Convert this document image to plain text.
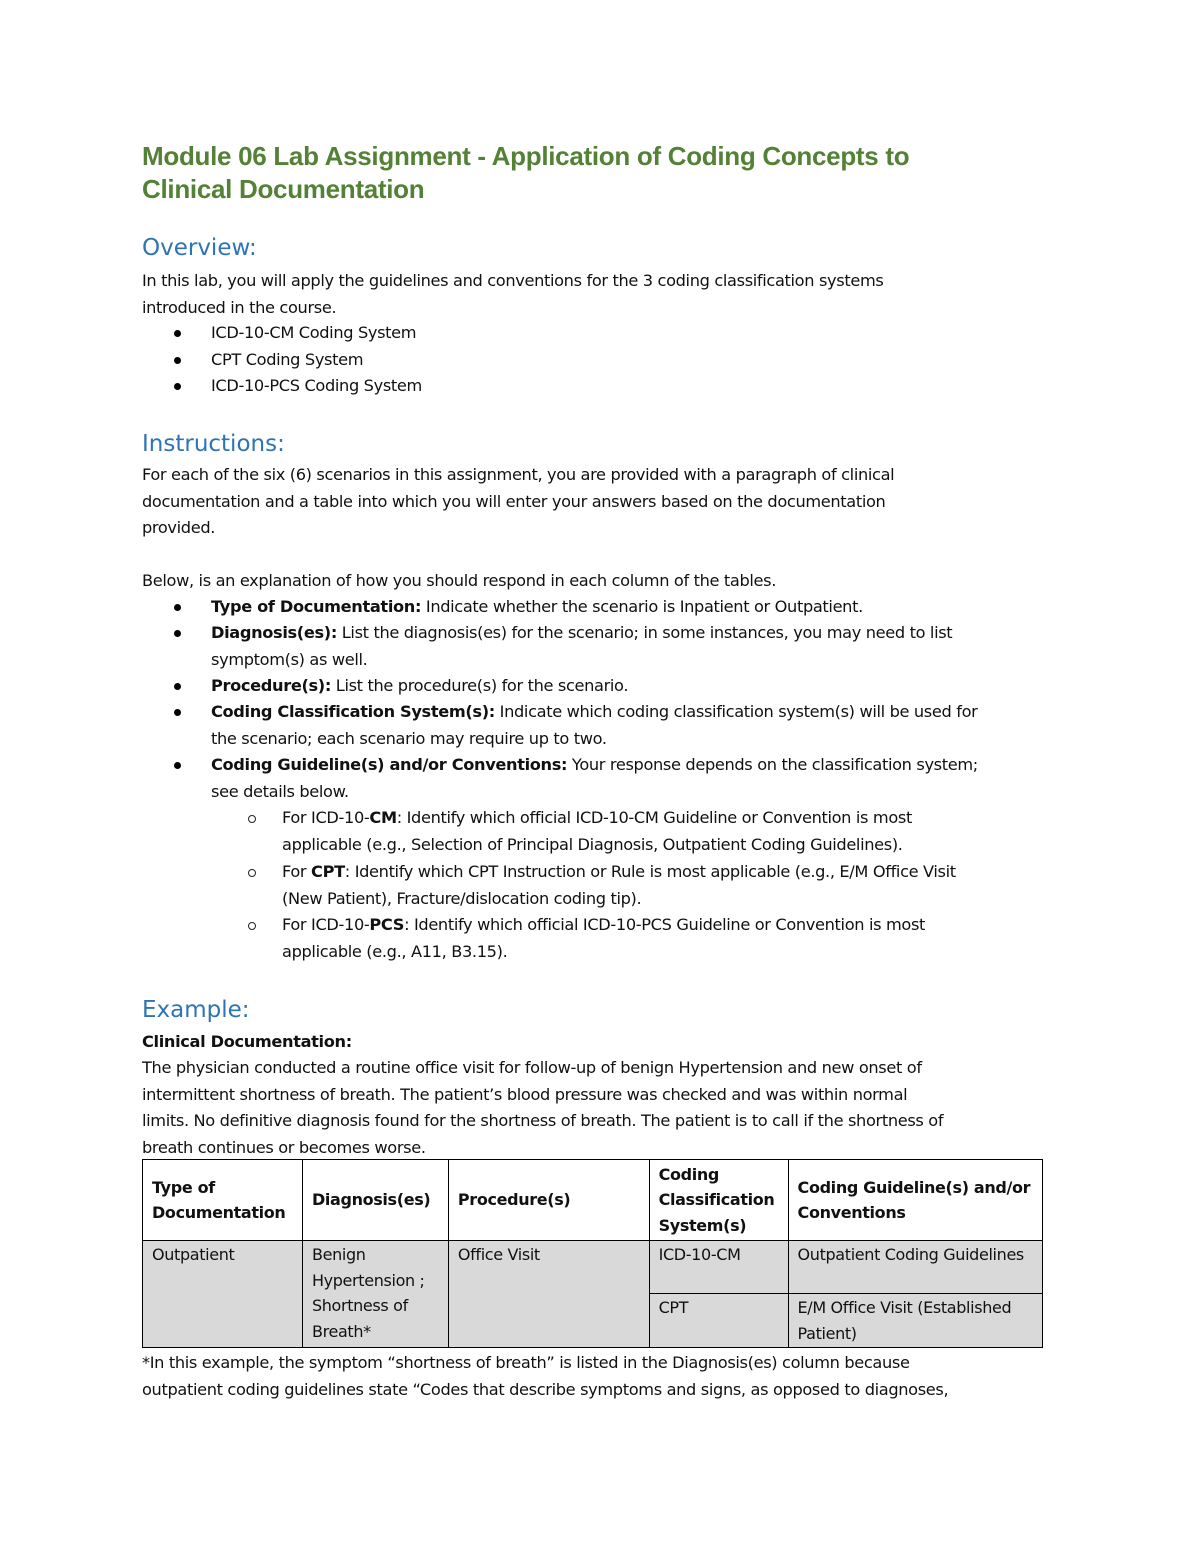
Module 06 Lab Assignment - Application of Coding Concepts to
Clinical Documentation
Overview:
In this lab, you will apply the guidelines and conventions for the 3 coding classification systems
introduced in the course.
ICD-10-CM Coding System
CPT Coding System
ICD-10-PCS Coding System
Instructions:
For each of the six (6) scenarios in this assignment, you are provided with a paragraph of clinical
documentation and a table into which you will enter your answers based on the documentation
provided.
Below, is an explanation of how you should respond in each column of the tables.
Type of Documentation: Indicate whether the scenario is Inpatient or Outpatient.
Diagnosis(es): List the diagnosis(es) for the scenario; in some instances, you may need to list
symptom(s) as well.
Procedure(s): List the procedure(s) for the scenario.
Coding Classification System(s): Indicate which coding classification system(s) will be used for
the scenario; each scenario may require up to two.
Coding Guideline(s) and/or Conventions: Your response depends on the classification system;
see details below.
For ICD-10-CM: Identify which official ICD-10-CM Guideline or Convention is most
applicable (e.g., Selection of Principal Diagnosis, Outpatient Coding Guidelines).
For CPT: Identify which CPT Instruction or Rule is most applicable (e.g., E/M Office Visit
(New Patient), Fracture/dislocation coding tip).
For ICD-10-PCS: Identify which official ICD-10-PCS Guideline or Convention is most
applicable (e.g., A11, B3.15).
Example:
Clinical Documentation:
The physician conducted a routine office visit for follow-up of benign Hypertension and new onset of
intermittent shortness of breath. The patient’s blood pressure was checked and was within normal
limits. No definitive diagnosis found for the shortness of breath. The patient is to call if the shortness of
breath continues or becomes worse.
Type of Documentation	Diagnosis(es)	Procedure(s)	Coding Classification System(s)	Coding Guideline(s) and/or Conventions
Outpatient	Benign Hypertension ; Shortness of Breath*	Office Visit	ICD-10-CM	Outpatient Coding Guidelines
			CPT	E/M Office Visit (Established Patient)
*In this example, the symptom “shortness of breath” is listed in the Diagnosis(es) column because
outpatient coding guidelines state “Codes that describe symptoms and signs, as opposed to diagnoses,
